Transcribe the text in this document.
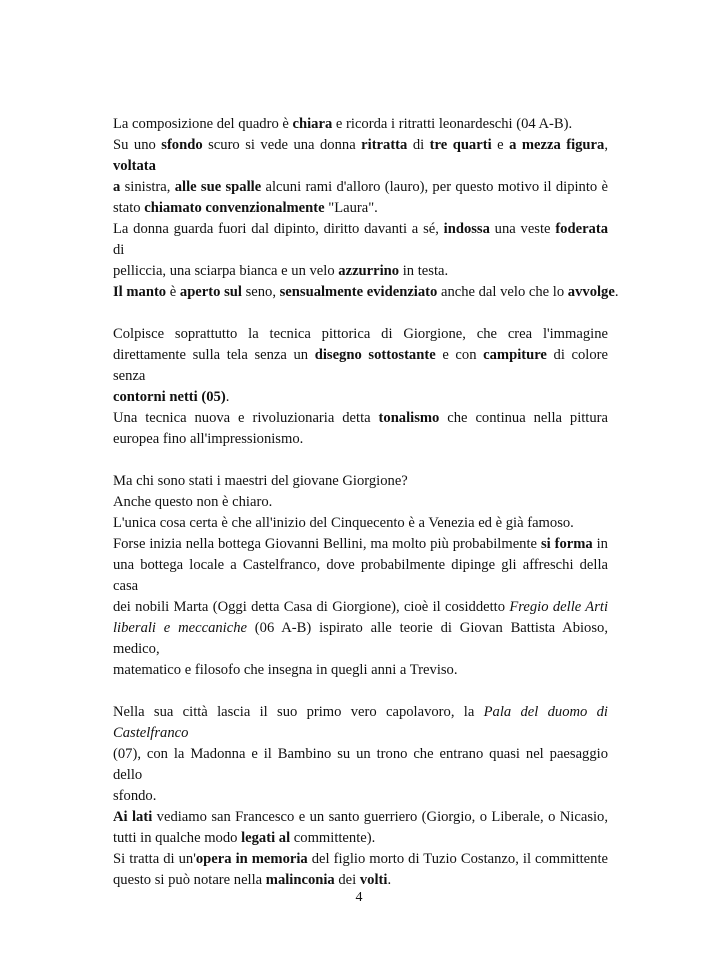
La composizione del quadro è chiara e ricorda i ritratti leonardeschi (04 A-B).
Su uno sfondo scuro si vede una donna ritratta di tre quarti e a mezza figura, voltata
a sinistra, alle sue spalle alcuni rami d'alloro (lauro), per questo motivo il dipinto è
stato chiamato convenzionalmente "Laura".
La donna guarda fuori dal dipinto, diritto davanti a sé, indossa una veste foderata di
pelliccia, una sciarpa bianca e un velo azzurrino in testa.
Il manto è aperto sul seno, sensualmente evidenziato anche dal velo che lo avvolge.
Colpisce soprattutto la tecnica pittorica di Giorgione, che crea l'immagine
direttamente sulla tela senza un disegno sottostante e con campiture di colore senza
contorni netti (05).
Una tecnica nuova e rivoluzionaria detta tonalismo che continua nella pittura
europea fino all'impressionismo.
Ma chi sono stati i maestri del giovane Giorgione?
Anche questo non è chiaro.
L'unica cosa certa è che all'inizio del Cinquecento è a Venezia ed è già famoso.
Forse inizia nella bottega Giovanni Bellini, ma molto più probabilmente si forma in
una bottega locale a Castelfranco, dove probabilmente dipinge gli affreschi della casa
dei nobili Marta (Oggi detta Casa di Giorgione), cioè il cosiddetto Fregio delle Arti
liberali e meccaniche (06 A-B) ispirato alle teorie di Giovan Battista Abioso, medico,
matematico e filosofo che insegna in quegli anni a Treviso.
Nella sua città lascia il suo primo vero capolavoro, la Pala del duomo di Castelfranco
(07), con la Madonna e il Bambino su un trono che entrano quasi nel paesaggio dello
sfondo.
Ai lati vediamo san Francesco e un santo guerriero (Giorgio, o Liberale, o Nicasio,
tutti in qualche modo legati al committente).
Si tratta di un'opera in memoria del figlio morto di Tuzio Costanzo, il committente
questo si può notare nella malinconia dei volti.
4
